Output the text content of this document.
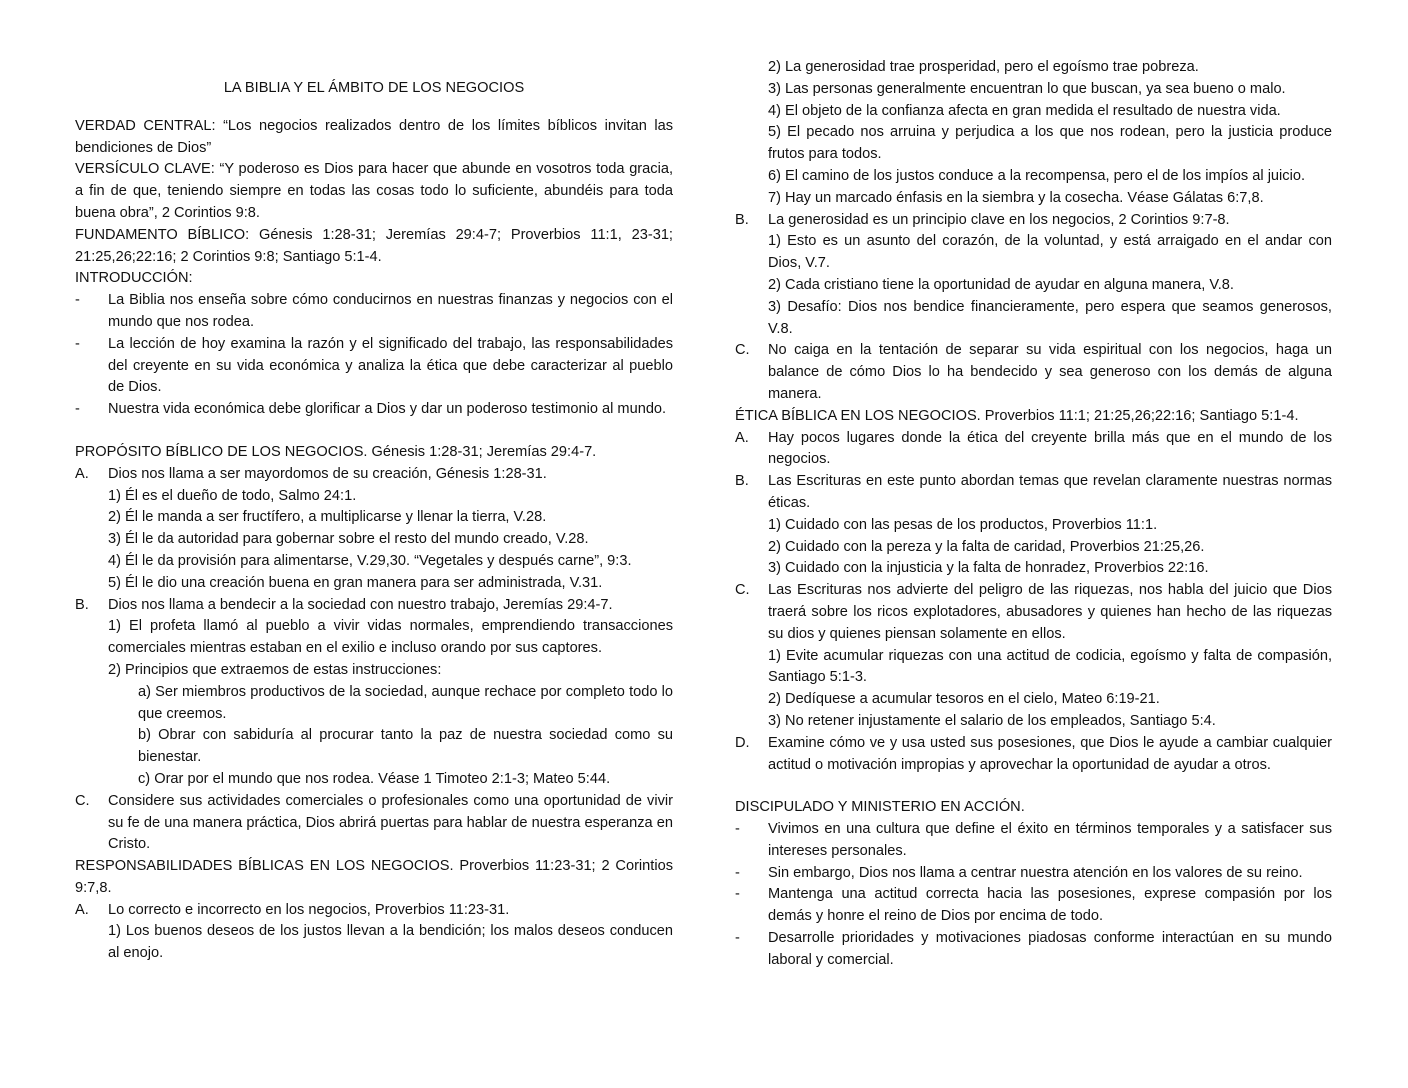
LA BIBLIA Y EL ÁMBITO DE LOS NEGOCIOS
VERDAD CENTRAL: “Los negocios realizados dentro de los límites bíblicos invitan las bendiciones de Dios”
VERSÍCULO CLAVE: “Y poderoso es Dios para hacer que abunde en vosotros toda gracia, a fin de que, teniendo siempre en todas las cosas todo lo suficiente, abundéis para toda buena obra”, 2 Corintios 9:8.
FUNDAMENTO BÍBLICO: Génesis 1:28-31; Jeremías 29:4-7; Proverbios 11:1, 23-31; 21:25,26;22:16; 2 Corintios 9:8; Santiago 5:1-4.
INTRODUCCIÓN:
-	La Biblia nos enseña sobre cómo conducirnos en nuestras finanzas y negocios con el mundo que nos rodea.
-	La lección de hoy examina la razón y el significado del trabajo, las responsabilidades del creyente en su vida económica y analiza la ética que debe caracterizar al pueblo de Dios.
-	Nuestra vida económica debe glorificar a Dios y dar un poderoso testimonio al mundo.
PROPÓSITO BÍBLICO DE LOS NEGOCIOS. Génesis 1:28-31; Jeremías 29:4-7.
A.	Dios nos llama a ser mayordomos de su creación, Génesis 1:28-31.
1) Él es el dueño de todo, Salmo 24:1.
2) Él le manda a ser fructífero, a multiplicarse y llenar la tierra, V.28.
3) Él le da autoridad para gobernar sobre el resto del mundo creado, V.28.
4) Él le da provisión para alimentarse, V.29,30. “Vegetales y después carne”, 9:3.
5) Él le dio una creación buena en gran manera para ser administrada, V.31.
B.	Dios nos llama a bendecir a la sociedad con nuestro trabajo, Jeremías 29:4-7.
1) El profeta llamó al pueblo a vivir vidas normales, emprendiendo transacciones comerciales mientras estaban en el exilio e incluso orando por sus captores.
2) Principios que extraemos de estas instrucciones:
a) Ser miembros productivos de la sociedad, aunque rechace por completo todo lo que creemos.
b) Obrar con sabiduría al procurar tanto la paz de nuestra sociedad como su bienestar.
c) Orar por el mundo que nos rodea. Véase 1 Timoteo 2:1-3; Mateo 5:44.
C.	Considere sus actividades comerciales o profesionales como una oportunidad de vivir su fe de una manera práctica, Dios abrirá puertas para hablar de nuestra esperanza en Cristo.
RESPONSABILIDADES BÍBLICAS EN LOS NEGOCIOS. Proverbios 11:23-31; 2 Corintios 9:7,8.
A.	Lo correcto e incorrecto en los negocios, Proverbios 11:23-31.
1) Los buenos deseos de los justos llevan a la bendición; los malos deseos conducen al enojo.
2) La generosidad trae prosperidad, pero el egoísmo trae pobreza.
3) Las personas generalmente encuentran lo que buscan, ya sea bueno o malo.
4) El objeto de la confianza afecta en gran medida el resultado de nuestra vida.
5) El pecado nos arruina y perjudica a los que nos rodean, pero la justicia produce frutos para todos.
6) El camino de los justos conduce a la recompensa, pero el de los impíos al juicio.
7) Hay un marcado énfasis en la siembra y la cosecha. Véase Gálatas 6:7,8.
B.	La generosidad es un principio clave en los negocios, 2 Corintios 9:7-8.
1) Esto es un asunto del corazón, de la voluntad, y está arraigado en el andar con Dios, V.7.
2) Cada cristiano tiene la oportunidad de ayudar en alguna manera, V.8.
3) Desafío: Dios nos bendice financieramente, pero espera que seamos generosos, V.8.
C.	No caiga en la tentación de separar su vida espiritual con los negocios, haga un balance de cómo Dios lo ha bendecido y sea generoso con los demás de alguna manera.
ÉTICA BÍBLICA EN LOS NEGOCIOS. Proverbios 11:1; 21:25,26;22:16; Santiago 5:1-4.
A.	Hay pocos lugares donde la ética del creyente brilla más que en el mundo de los negocios.
B.	Las Escrituras en este punto abordan temas que revelan claramente nuestras normas éticas.
1) Cuidado con las pesas de los productos, Proverbios 11:1.
2) Cuidado con la pereza y la falta de caridad, Proverbios 21:25,26.
3) Cuidado con la injusticia y la falta de honradez, Proverbios 22:16.
C.	Las Escrituras nos advierte del peligro de las riquezas, nos habla del juicio que Dios traerá sobre los ricos explotadores, abusadores y quienes han hecho de las riquezas su dios y quienes piensan solamente en ellos.
1) Evite acumular riquezas con una actitud de codicia, egoísmo y falta de compasión, Santiago 5:1-3.
2) Dedíquese a acumular tesoros en el cielo, Mateo 6:19-21.
3) No retener injustamente el salario de los empleados, Santiago 5:4.
D.	Examine cómo ve y usa usted sus posesiones, que Dios le ayude a cambiar cualquier actitud o motivación impropias y aprovechar la oportunidad de ayudar a otros.
DISCIPULADO Y MINISTERIO EN ACCIÓN.
-	Vivimos en una cultura que define el éxito en términos temporales y a satisfacer sus intereses personales.
-	Sin embargo, Dios nos llama a centrar nuestra atención en los valores de su reino.
-	Mantenga una actitud correcta hacia las posesiones, exprese compasión por los demás y honre el reino de Dios por encima de todo.
-	Desarrolle prioridades y motivaciones piadosas conforme interactúan en su mundo laboral y comercial.
